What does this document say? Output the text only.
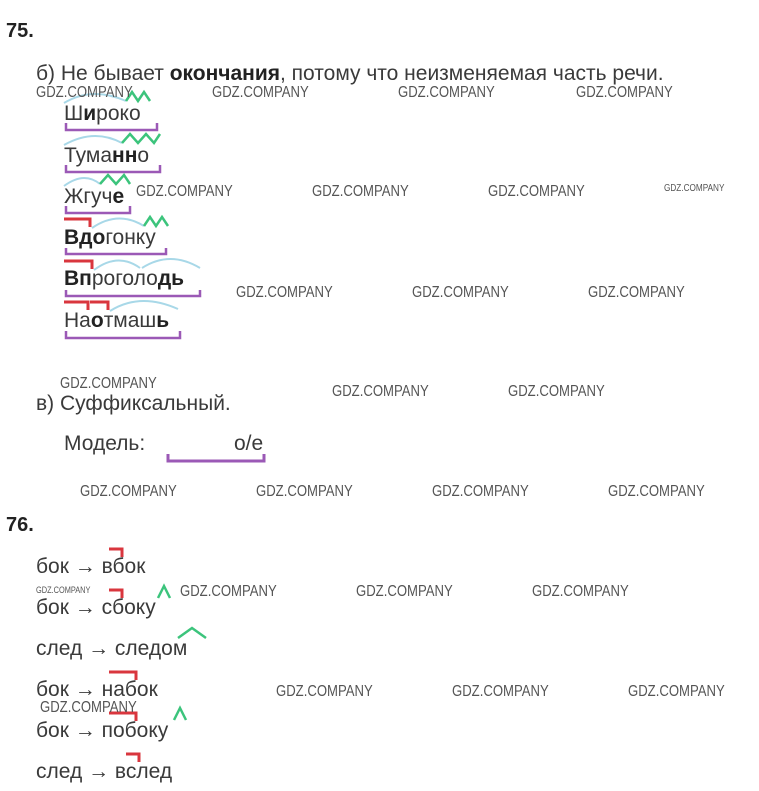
75.
76.
б) Не бывает окончания, потому что неизменяемая часть речи.
Широко
Туманно
Жгуче
Вдогонку
Впроголодь
Наотмашь
в) Суффиксальный.
Модель:	о/е
бок → вбок
бок → сбоку
след → следом
бок → набок
бок → побоку
след → вслед
GDZ.COMPANY	GDZ.COMPANY	GDZ.COMPANY	GDZ.COMPANY
GDZ.COMPANY	GDZ.COMPANY	GDZ.COMPANY	GDZ.COMPANY
GDZ.COMPANY	GDZ.COMPANY	GDZ.COMPANY
GDZ.COMPANY	GDZ.COMPANY	GDZ.COMPANY
GDZ.COMPANY	GDZ.COMPANY	GDZ.COMPANY	GDZ.COMPANY
GDZ.COMPANY	GDZ.COMPANY	GDZ.COMPANY	GDZ.COMPANY
GDZ.COMPANY	GDZ.COMPANY	GDZ.COMPANY
GDZ.COMPANY
